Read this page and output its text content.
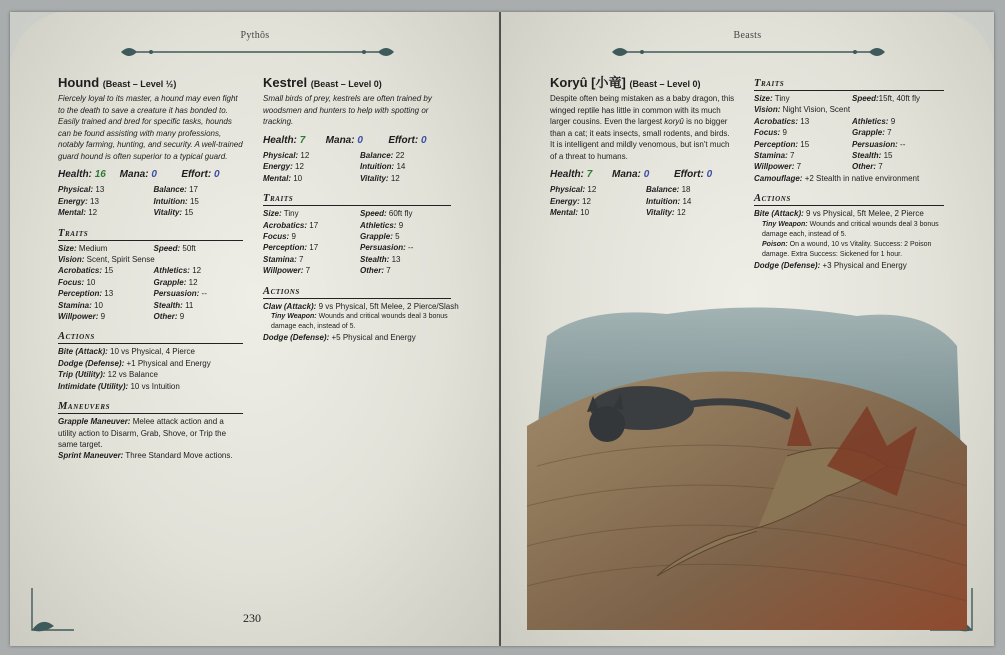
Pythôs
Hound (Beast – Level ½)
Fiercely loyal to its master, a hound may even fight to the death to save a creature it has bonded to. Easily trained and bred for specific tasks, hounds can be found assisting with many professions, notably farming, hunting, and security. A well-trained guard hound is often superior to a typical guard.
Health: 16	Mana: 0	Effort: 0
Physical: 13	Balance: 17
Energy: 13	Intuition: 15
Mental: 12	Vitality: 15
Traits
Size: Medium	Speed: 50ft
Vision: Scent, Spirit Sense
Acrobatics: 15	Athletics: 12
Focus: 10	Grapple: 12
Perception: 13	Persuasion: --
Stamina: 10	Stealth: 11
Willpower: 9	Other: 9
Actions
Bite (Attack): 10 vs Physical, 4 Pierce
Dodge (Defense): +1 Physical and Energy
Trip (Utility): 12 vs Balance
Intimidate (Utility): 10 vs Intuition
Maneuvers
Grapple Maneuver: Melee attack action and a utility action to Disarm, Grab, Shove, or Trip the same target.
Sprint Maneuver: Three Standard Move actions.
Kestrel (Beast – Level 0)
Small birds of prey, kestrels are often trained by woodsmen and hunters to help with spotting or tracking.
Health: 7	Mana: 0	Effort: 0
Physical: 12	Balance: 22
Energy: 12	Intuition: 14
Mental: 10	Vitality: 12
Traits
Size: Tiny	Speed: 60ft fly
Acrobatics: 17	Athletics: 9
Focus: 9	Grapple: 5
Perception: 17	Persuasion: --
Stamina: 7	Stealth: 13
Willpower: 7	Other: 7
Actions
Claw (Attack): 9 vs Physical, 5ft Melee, 2 Pierce/Slash
Tiny Weapon: Wounds and critical wounds deal 3 bonus damage each, instead of 5.
Dodge (Defense): +5 Physical and Energy
230
Beasts
Koryû [小竜] (Beast – Level 0)
Despite often being mistaken as a baby dragon, this winged reptile has little in common with its much larger cousins. Even the largest koryû is no bigger than a cat; it eats insects, small rodents, and birds. It is intelligent and mildly venomous, but isn't much of a threat to humans.
Health: 7	Mana: 0	Effort: 0
Physical: 12	Balance: 18
Energy: 12	Intuition: 14
Mental: 10	Vitality: 12
Traits
Size: Tiny	Speed:15ft, 40ft fly
Vision: Night Vision, Scent
Acrobatics: 13	Athletics: 9
Focus: 9	Grapple: 7
Perception: 15	Persuasion: --
Stamina: 7	Stealth: 15
Willpower: 7	Other: 7
Camouflage: +2 Stealth in native environment
Actions
Bite (Attack): 9 vs Physical, 5ft Melee, 2 Pierce
Tiny Weapon: Wounds and critical wounds deal 3 bonus damage each, instead of 5.
Poison: On a wound, 10 vs Vitality. Success: 2 Poison damage. Extra Success: Sickened for 1 hour.
Dodge (Defense): +3 Physical and Energy
